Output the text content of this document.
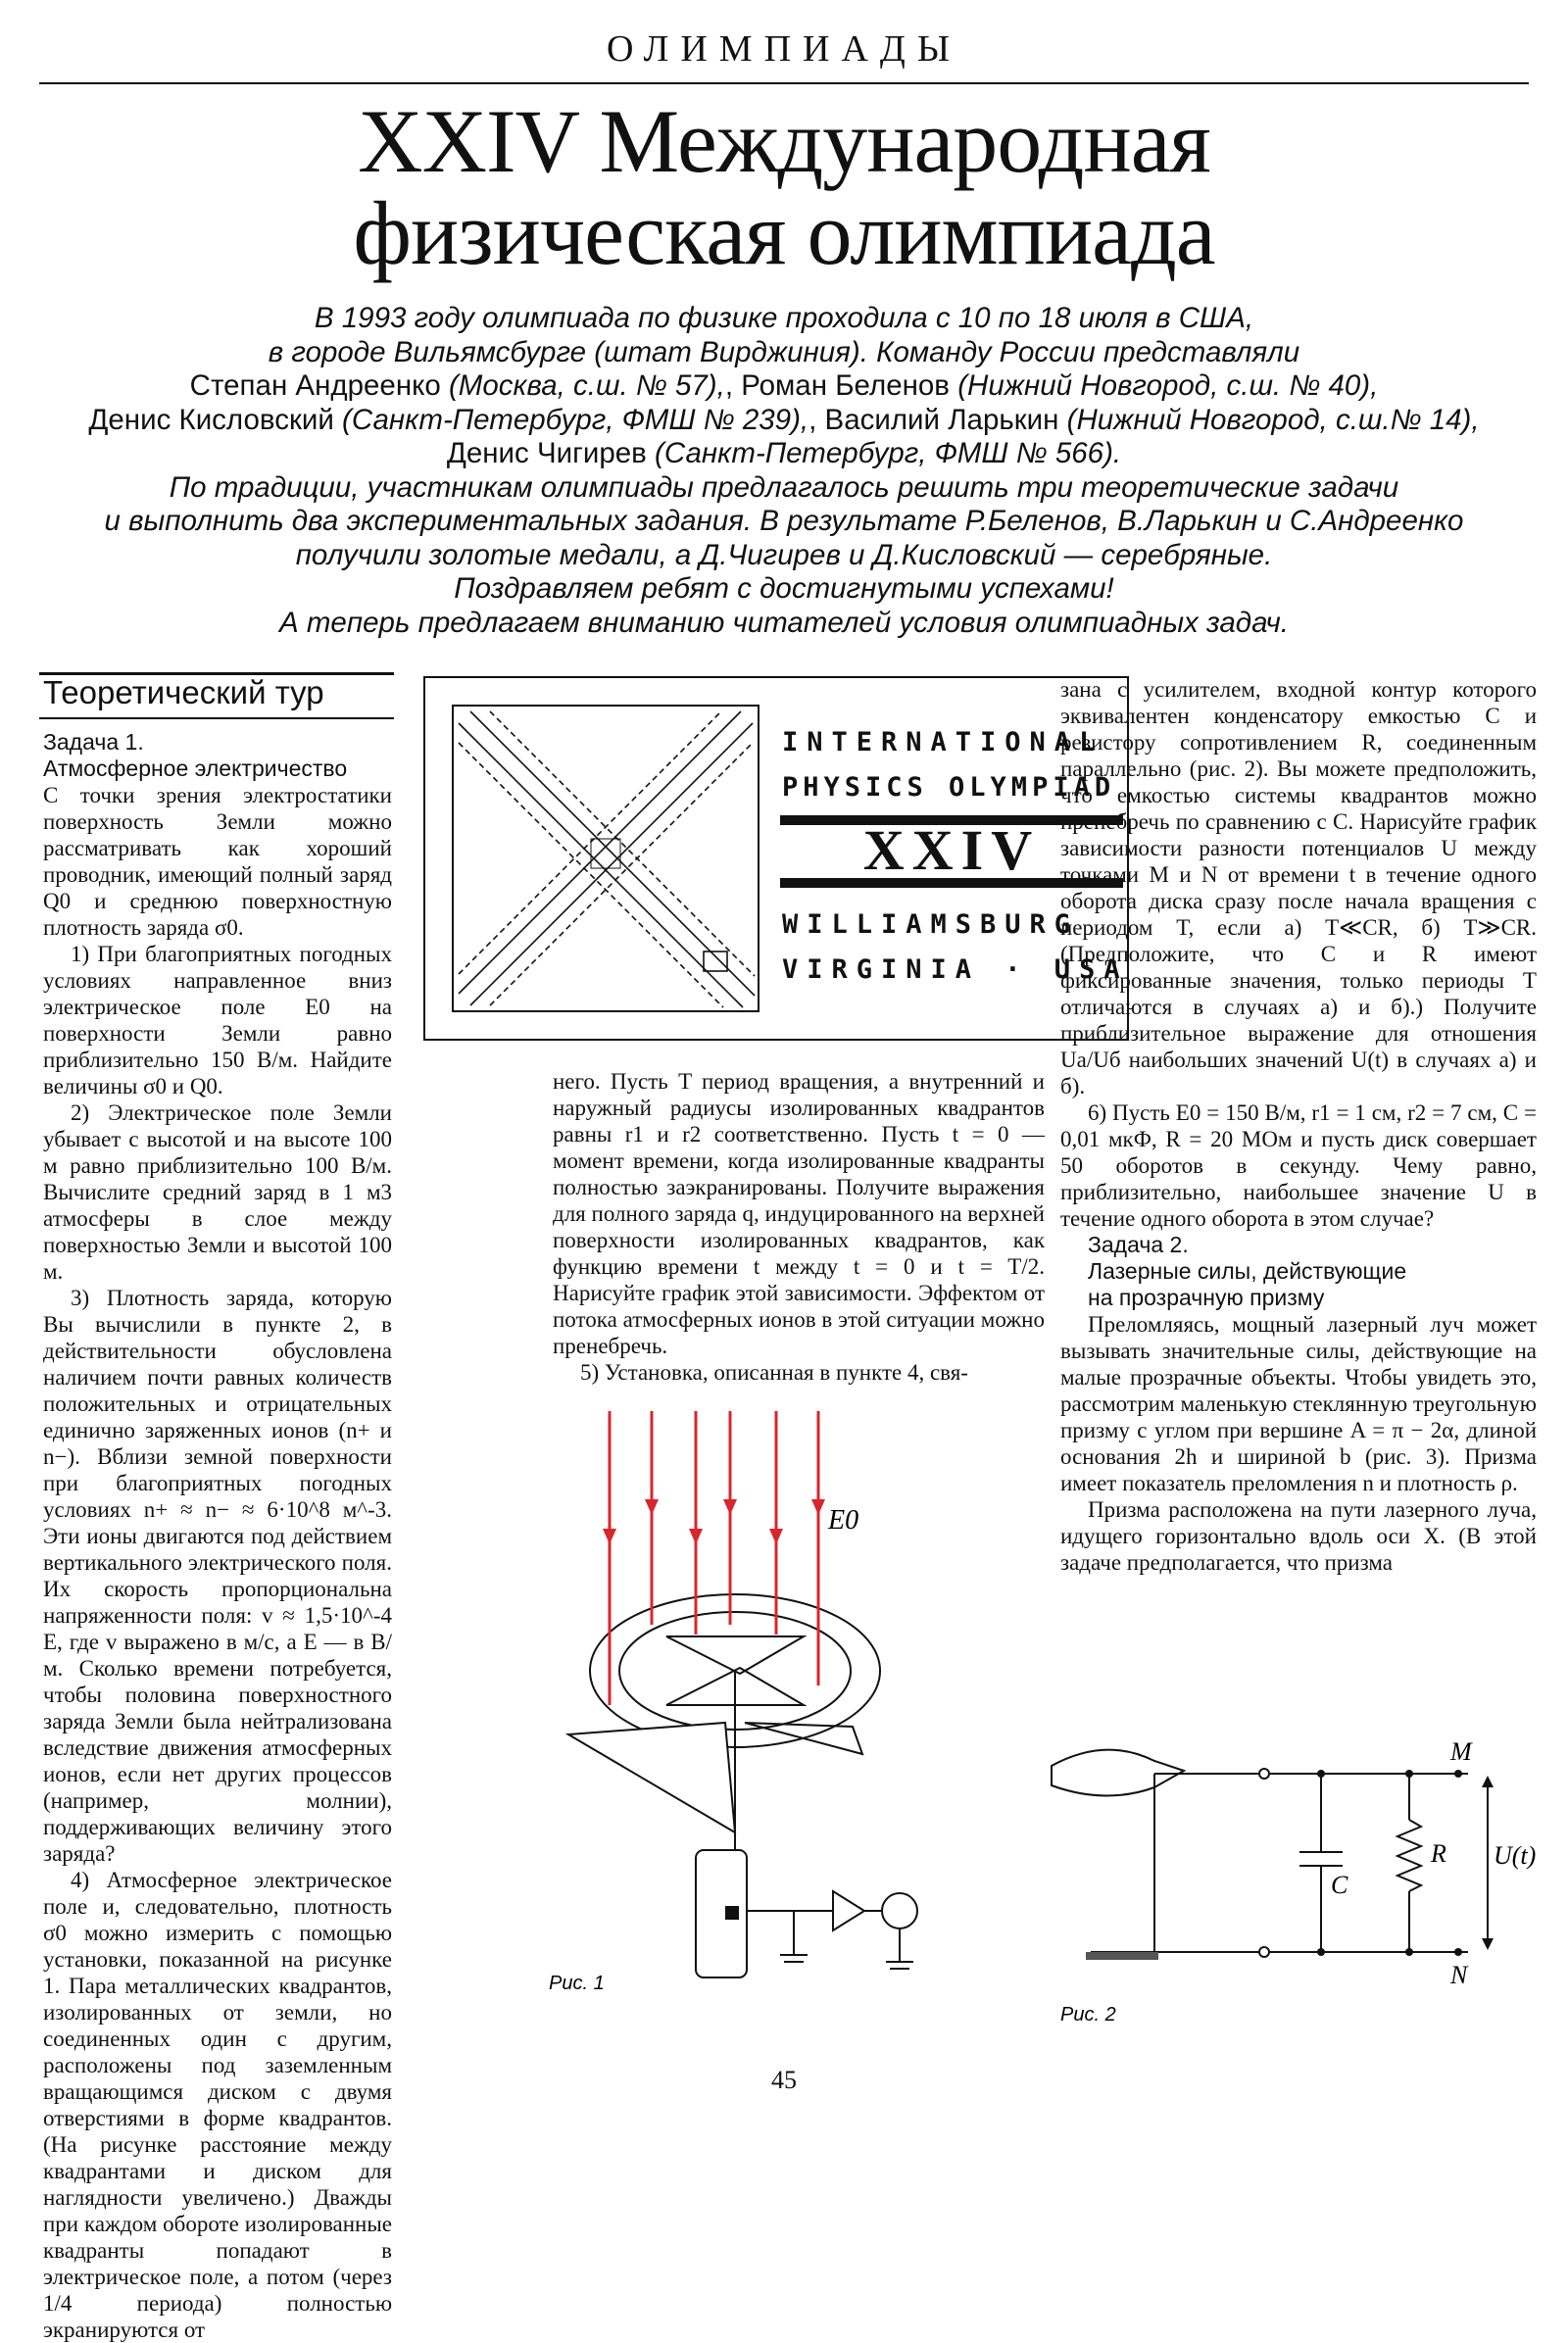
ОЛИМПИАДЫ
XXIV Международная
физическая олимпиада
В 1993 году олимпиада по физике проходила с 10 по 18 июля в США,
в городе Вильямсбурге (штат Вирджиния). Команду России представляли
Степан Андреенко (Москва, с.ш. № 57),, Роман Беленов (Нижний Новгород, с.ш. № 40),
Денис Кисловский (Санкт-Петербург, ФМШ № 239),, Василий Ларькин (Нижний Новгород, с.ш.№ 14),
Денис Чигирев (Санкт-Петербург, ФМШ № 566).
По традиции, участникам олимпиады предлагалось решить три теоретические задачи
и выполнить два экспериментальных задания. В результате Р.Беленов, В.Ларькин и С.Андреенко
получили золотые медали, а Д.Чигирев и Д.Кисловский — серебряные.
Поздравляем ребят с достигнутыми успехами!
А теперь предлагаем вниманию читателей условия олимпиадных задач.
Теоретический тур
Задача 1.
Атмосферное электричество

С точки зрения электростатики поверхность Земли можно рассматривать как хороший проводник, имеющий полный заряд Q0 и среднюю поверхностную плотность заряда σ0.

1) При благоприятных погодных условиях направленное вниз электрическое поле E0 на поверхности Земли равно приблизительно 150 В/м. Найдите величины σ0 и Q0.

2) Электрическое поле Земли убывает с высотой и на высоте 100 м равно приблизительно 100 В/м. Вычислите средний заряд в 1 м3 атмосферы в слое между поверхностью Земли и высотой 100 м.

3) Плотность заряда, которую Вы вычислили в пункте 2, в действительности обусловлена наличием почти равных количеств положительных и отрицательных единично заряженных ионов (n+ и n−). Вблизи земной поверхности при благоприятных погодных условиях n+ ≈ n− ≈ 6·10^8 м^-3. Эти ионы двигаются под действием вертикального электрического поля. Их скорость пропорциональна напряженности поля: v ≈ 1,5·10^-4 E, где v выражено в м/с, а E — в В/м. Сколько времени потребуется, чтобы половина поверхностного заряда Земли была нейтрализована вследствие движения атмосферных ионов, если нет других процессов (например, молнии), поддерживающих величину этого заряда?

4) Атмосферное электрическое поле и, следовательно, плотность σ0 можно измерить с помощью установки, показанной на рисунке 1. Пара металлических квадрантов, изолированных от земли, но соединенных один с другим, расположены под заземленным вращающимся диском с двумя отверстиями в форме квадрантов. (На рисунке расстояние между квадрантами и диском для наглядности увеличено.) Дважды при каждом обороте изолированные квадранты попадают в электрическое поле, а потом (через 1/4 периода) полностью экранируются от

INTERNATIONAL
PHYSICS OLYMPIAD
XXIV
WILLIAMSBURG
VIRGINIA · USA

него. Пусть T период вращения, а внутренний и наружный радиусы изолированных квадрантов равны r1 и r2 соответственно. Пусть t = 0 — момент времени, когда изолированные квадранты полностью заэкранированы. Получите выражения для полного заряда q, индуцированного на верхней поверхности изолированных квадрантов, как функцию времени t между t = 0 и t = T/2. Нарисуйте график этой зависимости. Эффектом от потока атмосферных ионов в этой ситуации можно пренебречь.

5) Установка, описанная в пункте 4, свя-

E0
Рис. 1

зана с усилителем, входной контур которого эквивалентен конденсатору емкостью C и резистору сопротивлением R, соединенным параллельно (рис. 2). Вы можете предположить, что емкостью системы квадрантов можно пренебречь по сравнению с C. Нарисуйте график зависимости разности потенциалов U между точками M и N от времени t в течение одного оборота диска сразу после начала вращения с периодом T, если а) T≪CR, б) T≫CR. (Предположите, что C и R имеют фиксированные значения, только периоды T отличаются в случаях а) и б).) Получите приблизительное выражение для отношения Ua/Uб наибольших значений U(t) в случаях а) и б).

6) Пусть E0 = 150 В/м, r1 = 1 см, r2 = 7 см, C = 0,01 мкФ, R = 20 МОм и пусть диск совершает 50 оборотов в секунду. Чему равно, приблизительно, наибольшее значение U в течение одного оборота в этом случае?

Задача 2.
Лазерные силы, действующие
на прозрачную призму

Преломляясь, мощный лазерный луч может вызывать значительные силы, действующие на малые прозрачные объекты. Чтобы увидеть это, рассмотрим маленькую стеклянную треугольную призму с углом при вершине A = π − 2α, длиной основания 2h и шириной b (рис. 3). Призма имеет показатель преломления n и плотность ρ.

Призма расположена на пути лазерного луча, идущего горизонтально вдоль оси X. (В этой задаче предполагается, что призма

M
N
R
C
U(t)
Рис. 2
45
